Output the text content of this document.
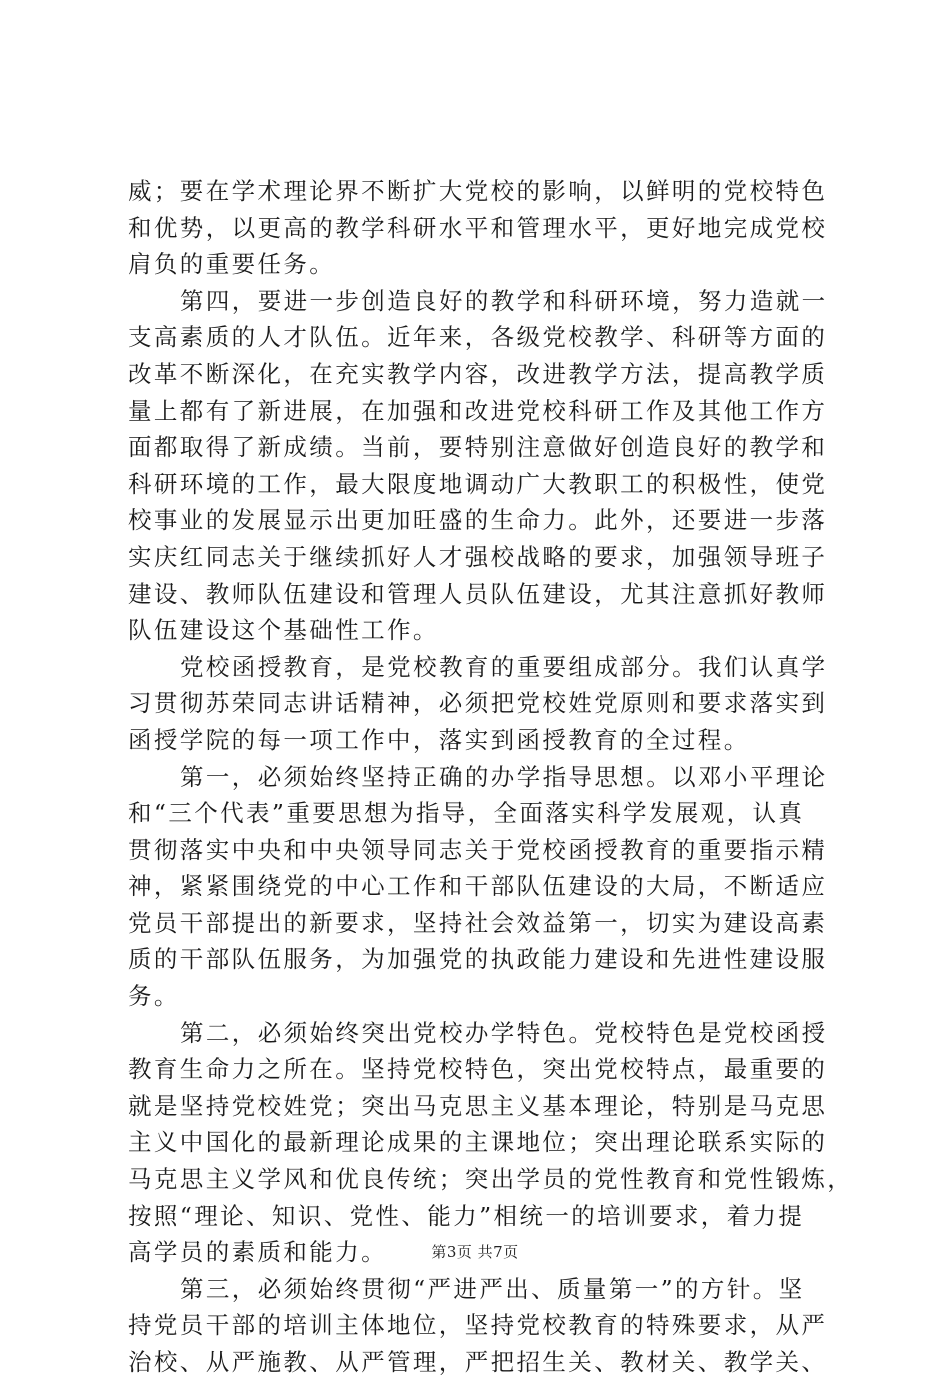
威；要在学术理论界不断扩大党校的影响，以鲜明的党校特色
和优势，以更高的教学科研水平和管理水平，更好地完成党校
肩负的重要任务。
第四，要进一步创造良好的教学和科研环境，努力造就一
支高素质的人才队伍。近年来，各级党校教学、科研等方面的
改革不断深化，在充实教学内容，改进教学方法，提高教学质
量上都有了新进展，在加强和改进党校科研工作及其他工作方
面都取得了新成绩。当前，要特别注意做好创造良好的教学和
科研环境的工作，最大限度地调动广大教职工的积极性，使党
校事业的发展显示出更加旺盛的生命力。此外，还要进一步落
实庆红同志关于继续抓好人才强校战略的要求，加强领导班子
建设、教师队伍建设和管理人员队伍建设，尤其注意抓好教师
队伍建设这个基础性工作。
党校函授教育，是党校教育的重要组成部分。我们认真学
习贯彻苏荣同志讲话精神，必须把党校姓党原则和要求落实到
函授学院的每一项工作中，落实到函授教育的全过程。
第一，必须始终坚持正确的办学指导思想。以邓小平理论
和“三个代表”重要思想为指导，全面落实科学发展观，认真
贯彻落实中央和中央领导同志关于党校函授教育的重要指示精
神，紧紧围绕党的中心工作和干部队伍建设的大局，不断适应
党员干部提出的新要求，坚持社会效益第一，切实为建设高素
质的干部队伍服务，为加强党的执政能力建设和先进性建设服
务。
第二，必须始终突出党校办学特色。党校特色是党校函授
教育生命力之所在。坚持党校特色，突出党校特点，最重要的
就是坚持党校姓党；突出马克思主义基本理论，特别是马克思
主义中国化的最新理论成果的主课地位；突出理论联系实际的
马克思主义学风和优良传统；突出学员的党性教育和党性锻炼，
按照“理论、知识、党性、能力”相统一的培训要求，着力提
高学员的素质和能力。
第三，必须始终贯彻“严进严出、质量第一”的方针。坚
持党员干部的培训主体地位，坚持党校教育的特殊要求，从严
治校、从严施教、从严管理，严把招生关、教材关、教学关、
第3页 共7页
